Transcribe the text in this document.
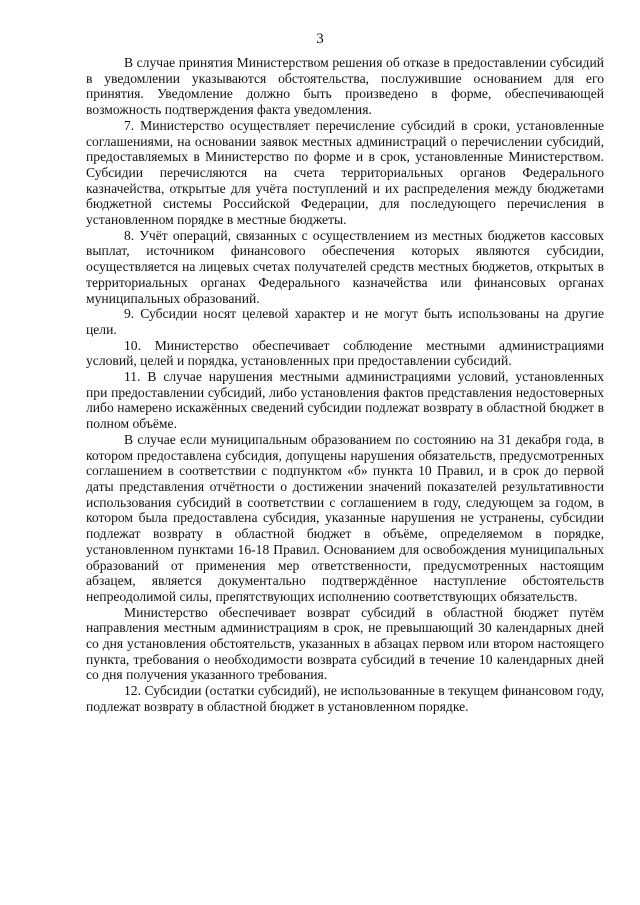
3

В случае принятия Министерством решения об отказе в предоставлении субсидий в уведомлении указываются обстоятельства, послужившие основанием для его принятия. Уведомление должно быть произведено в форме, обеспечивающей возможность подтверждения факта уведомления.

7. Министерство осуществляет перечисление субсидий в сроки, установленные соглашениями, на основании заявок местных администраций о перечислении субсидий, предоставляемых в Министерство по форме и в срок, установленные Министерством. Субсидии перечисляются на счета территориальных органов Федерального казначейства, открытые для учёта поступлений и их распределения между бюджетами бюджетной системы Российской Федерации, для последующего перечисления в установленном порядке в местные бюджеты.

8. Учёт операций, связанных с осуществлением из местных бюджетов кассовых выплат, источником финансового обеспечения которых являются субсидии, осуществляется на лицевых счетах получателей средств местных бюджетов, открытых в территориальных органах Федерального казначейства или финансовых органах муниципальных образований.

9. Субсидии носят целевой характер и не могут быть использованы на другие цели.

10. Министерство обеспечивает соблюдение местными администрациями условий, целей и порядка, установленных при предоставлении субсидий.

11. В случае нарушения местными администрациями условий, установленных при предоставлении субсидий, либо установления фактов представления недостоверных либо намерено искажённых сведений субсидии подлежат возврату в областной бюджет в полном объёме.

В случае если муниципальным образованием по состоянию на 31 декабря года, в котором предоставлена субсидия, допущены нарушения обязательств, предусмотренных соглашением в соответствии с подпунктом «б» пункта 10 Правил, и в срок до первой даты представления отчётности о достижении значений показателей результативности использования субсидий в соответствии с соглашением в году, следующем за годом, в котором была предоставлена субсидия, указанные нарушения не устранены, субсидии подлежат возврату в областной бюджет в объёме, определяемом в порядке, установленном пунктами 16-18 Правил. Основанием для освобождения муниципальных образований от применения мер ответственности, предусмотренных настоящим абзацем, является документально подтверждённое наступление обстоятельств непреодолимой силы, препятствующих исполнению соответствующих обязательств.

Министерство обеспечивает возврат субсидий в областной бюджет путём направления местным администрациям в срок, не превышающий 30 календарных дней со дня установления обстоятельств, указанных в абзацах первом или втором настоящего пункта, требования о необходимости возврата субсидий в течение 10 календарных дней со дня получения указанного требования.

12. Субсидии (остатки субсидий), не использованные в текущем финансовом году, подлежат возврату в областной бюджет в установленном порядке.
